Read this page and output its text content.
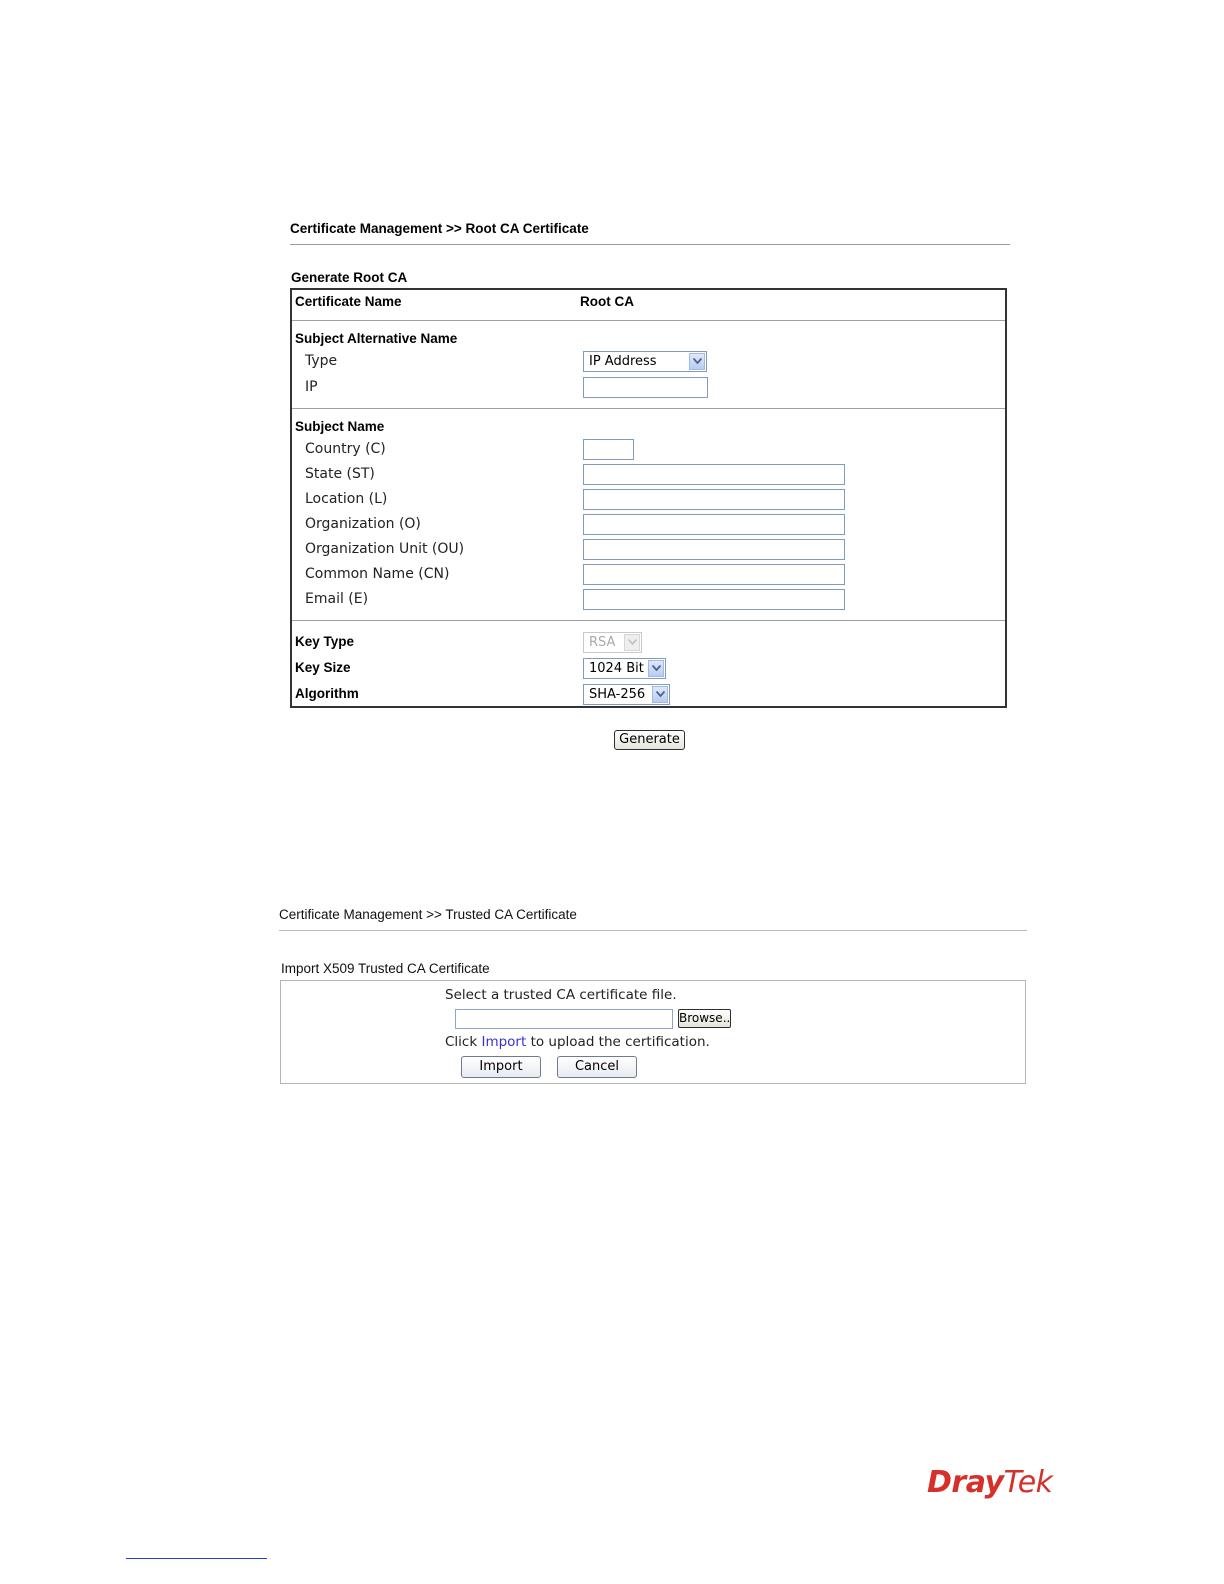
Certificate Management >> Root CA Certificate
Generate Root CA
Certificate Name	Root CA
Subject Alternative Name
Type	IP Address
IP
Subject Name
Country (C)
State (ST)
Location (L)
Organization (O)
Organization Unit (OU)
Common Name (CN)
Email (E)
Key Type	RSA
Key Size	1024 Bit
Algorithm	SHA-256
Generate
Certificate Management >> Trusted CA Certificate
Import X509 Trusted CA Certificate
Select a trusted CA certificate file.
Browse..
Click Import to upload the certification.
Import	Cancel
DrayTek
